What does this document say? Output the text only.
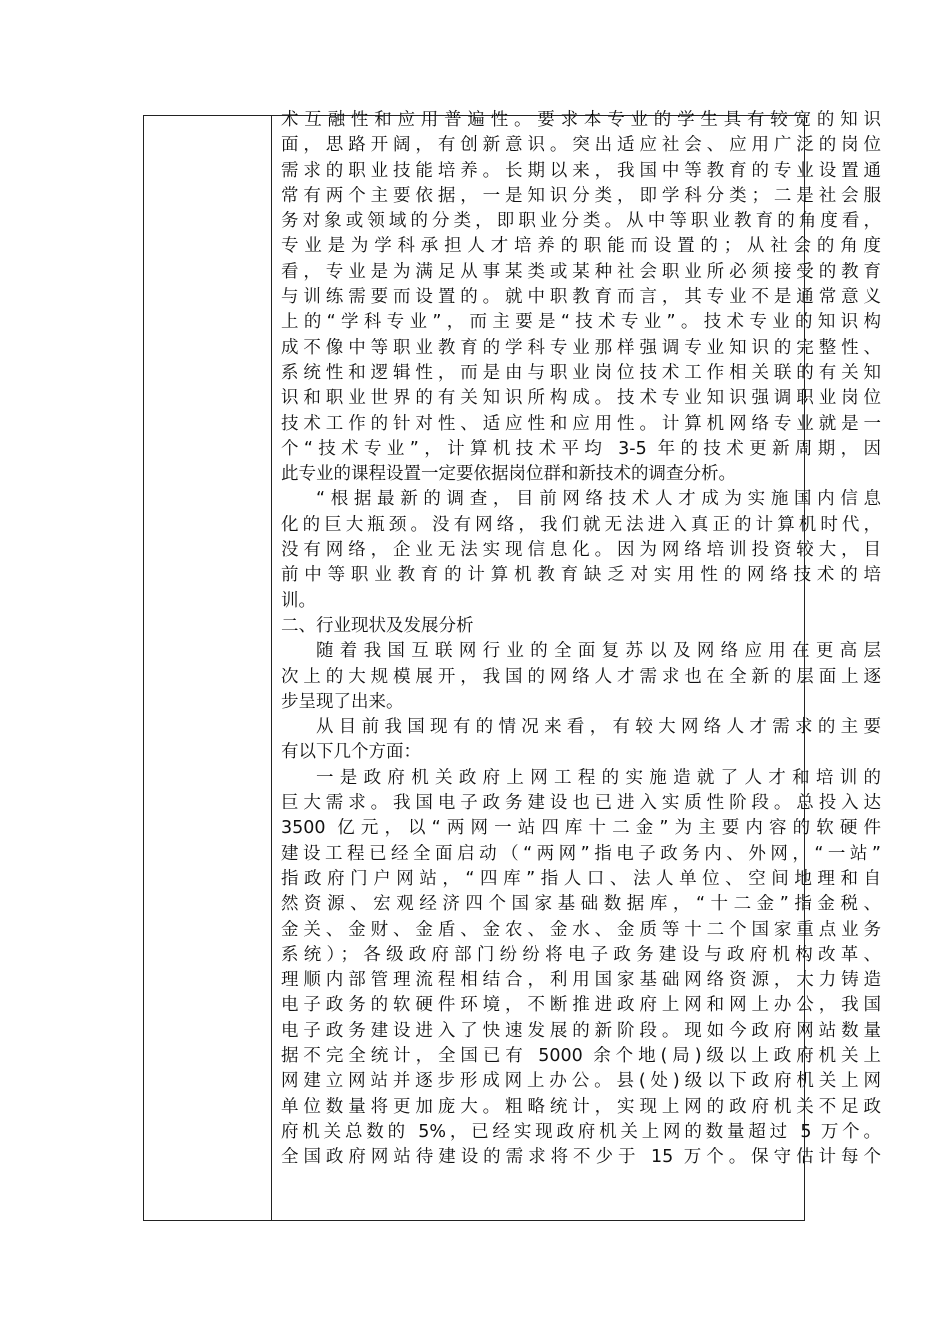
术互融性和应用普遍性。要求本专业的学生具有较宽的知识
面，思路开阔，有创新意识。突出适应社会、应用广泛的岗位
需求的职业技能培养。长期以来，我国中等教育的专业设置通
常有两个主要依据，一是知识分类，即学科分类；二是社会服
务对象或领域的分类，即职业分类。从中等职业教育的角度看，
专业是为学科承担人才培养的职能而设置的；从社会的角度
看，专业是为满足从事某类或某种社会职业所必须接受的教育
与训练需要而设置的。就中职教育而言，其专业不是通常意义
上的“学科专业”，而主要是“技术专业”。技术专业的知识构
成不像中等职业教育的学科专业那样强调专业知识的完整性、
系统性和逻辑性，而是由与职业岗位技术工作相关联的有关知
识和职业世界的有关知识所构成。技术专业知识强调职业岗位
技术工作的针对性、适应性和应用性。计算机网络专业就是一
个“技术专业”，计算机技术平均 3-5 年的技术更新周期，因
此专业的课程设置一定要依据岗位群和新技术的调查分析。
“根据最新的调查，目前网络技术人才成为实施国内信息
化的巨大瓶颈。没有网络，我们就无法进入真正的计算机时代，
没有网络，企业无法实现信息化。因为网络培训投资较大，目
前中等职业教育的计算机教育缺乏对实用性的网络技术的培
训。
二、行业现状及发展分析
随着我国互联网行业的全面复苏以及网络应用在更高层
次上的大规模展开，我国的网络人才需求也在全新的层面上逐
步呈现了出来。
从目前我国现有的情况来看，有较大网络人才需求的主要
有以下几个方面：
一是政府机关政府上网工程的实施造就了人才和培训的
巨大需求。我国电子政务建设也已进入实质性阶段。总投入达
3500 亿元，以“两网一站四库十二金”为主要内容的软硬件
建设工程已经全面启动（“两网”指电子政务内、外网，“一站”
指政府门户网站，“四库”指人口、法人单位、空间地理和自
然资源、宏观经济四个国家基础数据库，“十二金”指金税、
金关、金财、金盾、金农、金水、金质等十二个国家重点业务
系统）；各级政府部门纷纷将电子政务建设与政府机构改革、
理顺内部管理流程相结合，利用国家基础网络资源，大力铸造
电子政务的软硬件环境，不断推进政府上网和网上办公，我国
电子政务建设进入了快速发展的新阶段。现如今政府网站数量
据不完全统计，全国已有 5000 余个地(局)级以上政府机关上
网建立网站并逐步形成网上办公。县(处)级以下政府机关上网
单位数量将更加庞大。粗略统计，实现上网的政府机关不足政
府机关总数的 5%，已经实现政府机关上网的数量超过 5 万个。
全国政府网站待建设的需求将不少于 15 万个。保守估计每个
